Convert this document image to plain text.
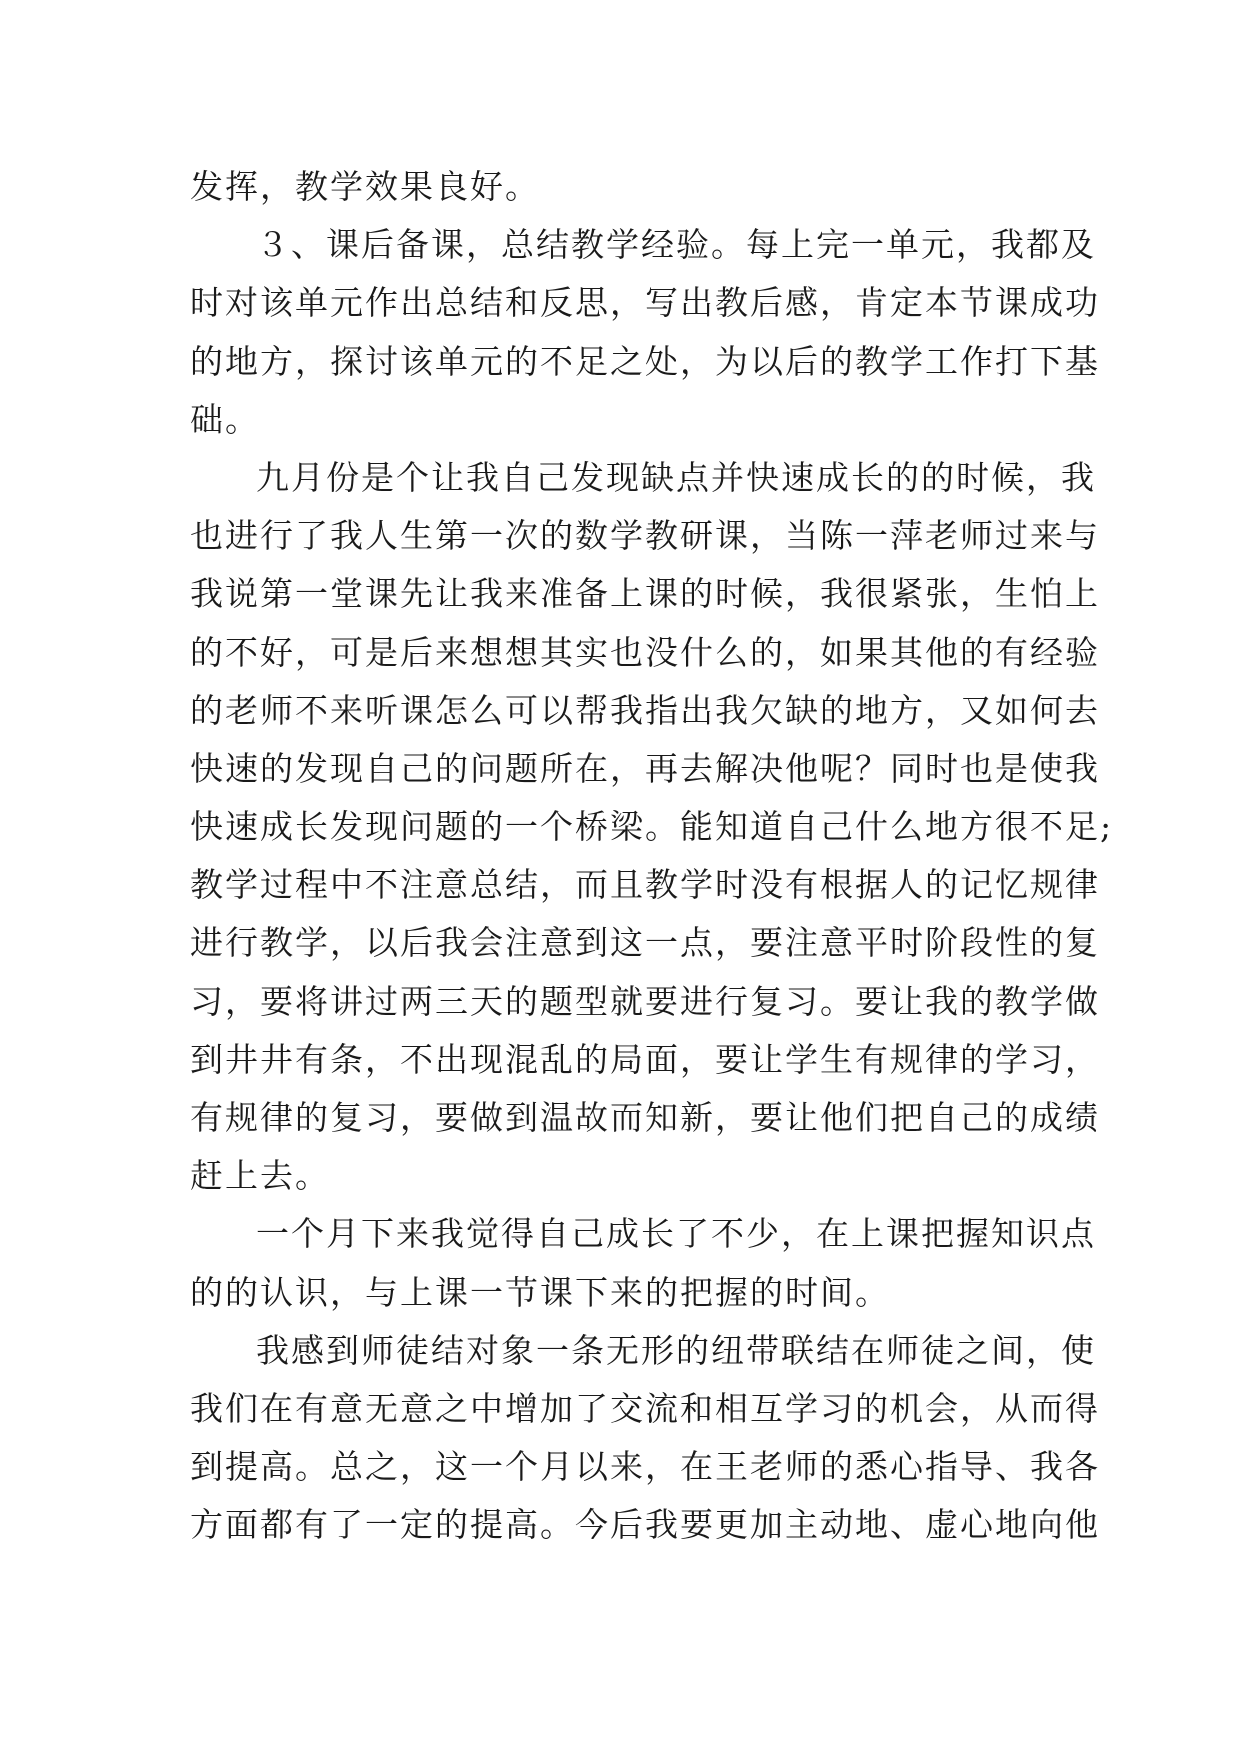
发挥，教学效果良好。
３、课后备课，总结教学经验。每上完一单元，我都及
时对该单元作出总结和反思，写出教后感，肯定本节课成功
的地方，探讨该单元的不足之处，为以后的教学工作打下基
础。
九月份是个让我自己发现缺点并快速成长的的时候，我
也进行了我人生第一次的数学教研课，当陈一萍老师过来与
我说第一堂课先让我来准备上课的时候，我很紧张，生怕上
的不好，可是后来想想其实也没什么的，如果其他的有经验
的老师不来听课怎么可以帮我指出我欠缺的地方，又如何去
快速的发现自己的问题所在，再去解决他呢？同时也是使我
快速成长发现问题的一个桥梁。能知道自己什么地方很不足;
教学过程中不注意总结，而且教学时没有根据人的记忆规律
进行教学，以后我会注意到这一点，要注意平时阶段性的复
习，要将讲过两三天的题型就要进行复习。要让我的教学做
到井井有条，不出现混乱的局面，要让学生有规律的学习，
有规律的复习，要做到温故而知新，要让他们把自己的成绩
赶上去。
一个月下来我觉得自己成长了不少，在上课把握知识点
的的认识，与上课一节课下来的把握的时间。
我感到师徒结对象一条无形的纽带联结在师徒之间，使
我们在有意无意之中增加了交流和相互学习的机会，从而得
到提高。总之，这一个月以来，在王老师的悉心指导、我各
方面都有了一定的提高。今后我要更加主动地、虚心地向他
